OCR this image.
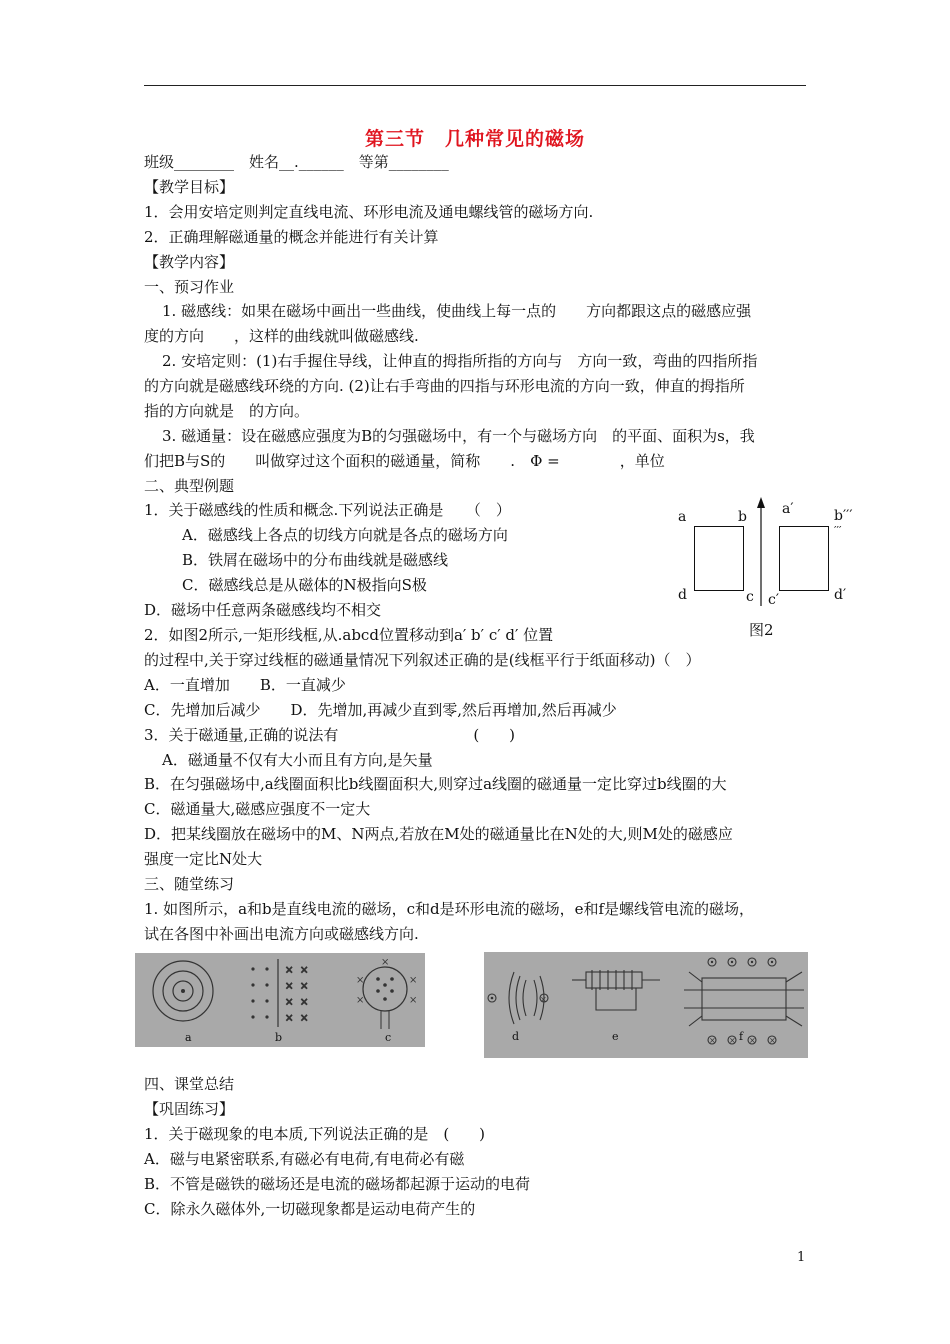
第三节　几种常见的磁场
班级________　姓名__.______　等第________
【教学目标】
1．会用安培定则判定直线电流、环形电流及通电螺线管的磁场方向.
2．正确理解磁通量的概念并能进行有关计算
【教学内容】
一、预习作业
1. 磁感线：如果在磁场中画出一些曲线，使曲线上每一点的　　方向都跟这点的磁感应强
度的方向　　，这样的曲线就叫做磁感线.
2. 安培定则：(1)右手握住导线，让伸直的拇指所指的方向与　方向一致，弯曲的四指所指
的方向就是磁感线环绕的方向. (2)让右手弯曲的四指与环形电流的方向一致，伸直的拇指所
指的方向就是　的方向。
3. 磁通量：设在磁感应强度为B的匀强磁场中，有一个与磁场方向　的平面、面积为s，我
们把B与S的　　叫做穿过这个面积的磁通量，简称　　.　Φ =　　　　，单位
二、典型例题
1．关于磁感线的性质和概念.下列说法正确是　　（　）
A．磁感线上各点的切线方向就是各点的磁场方向
B．铁屑在磁场中的分布曲线就是磁感线
C．磁感线总是从磁体的N极指向S极
D．磁场中任意两条磁感线均不相交
2．如图2所示,一矩形线框,从.abcd位置移动到a′ b′ c′ d′ 位置
的过程中,关于穿过线框的磁通量情况下列叙述正确的是(线框平行于纸面移动)（　）
A．一直增加　　B．一直减少
C．先增加后减少　　D．先增加,再减少直到零,然后再增加,然后再减少
3．关于磁通量,正确的说法有　　　　　　　　　(　　)
A．磁通量不仅有大小而且有方向,是矢量
B．在匀强磁场中,a线圈面积比b线圈面积大,则穿过a线圈的磁通量一定比穿过b线圈的大
C．磁通量大,磁感应强度不一定大
D．把某线圈放在磁场中的M、N两点,若放在M处的磁通量比在N处的大,则M处的磁感应
强度一定比N处大
三、随堂练习
1. 如图所示，a和b是直线电流的磁场，c和d是环形电流的磁场，e和f是螺线管电流的磁场，
试在各图中补画出电流方向或磁感线方向.
a	b
d	c
a′	b′′′
′′′
c′	d′
图2
× ×
× ×
× ×
× ×
×	×
×	×
×
a	b	c
×
× × × ×
d	e	f
四、课堂总结
【巩固练习】
1．关于磁现象的电本质,下列说法正确的是　(　　)
A．磁与电紧密联系,有磁必有电荷,有电荷必有磁
B．不管是磁铁的磁场还是电流的磁场都起源于运动的电荷
C．除永久磁体外,一切磁现象都是运动电荷产生的
1
